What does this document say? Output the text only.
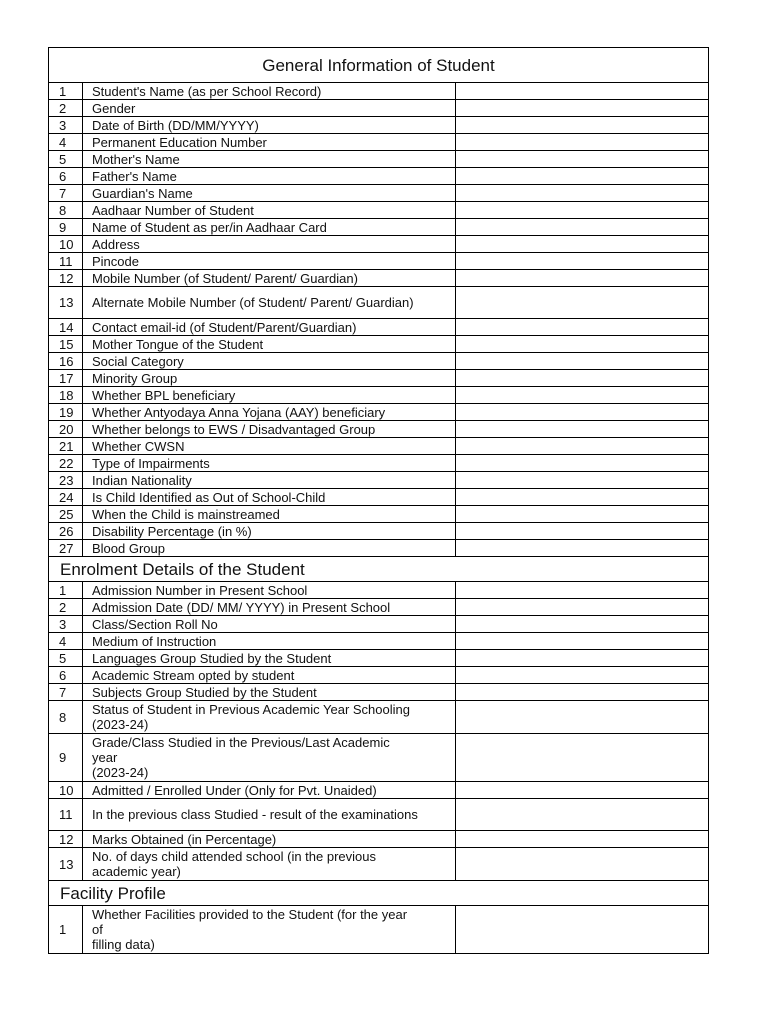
General Information of Student		
1	Student's Name (as per School Record)	

2	Gender	

3	Date of Birth (DD/MM/YYYY)	

4	Permanent Education Number	

5	Mother's Name	

6	Father's Name	

7	Guardian's Name	

8	Aadhaar Number of Student	

9	Name of Student as per/in Aadhaar Card	

10	Address	

11	Pincode	

12	Mobile Number (of Student/ Parent/ Guardian)	

13	Alternate Mobile Number (of Student/ Parent/ Guardian)	

14	Contact email-id (of Student/Parent/Guardian)	

15	Mother Tongue of the Student	

16	Social Category	

17	Minority Group	

18	Whether BPL beneficiary	

19	Whether Antyodaya Anna Yojana (AAY) beneficiary	

20	Whether belongs to EWS / Disadvantaged Group	

21	Whether CWSN	

22	Type of Impairments	

23	Indian Nationality	

24	Is Child Identified as Out of School-Child	

25	When the Child is mainstreamed	

26	Disability Percentage (in %)	

27	Blood Group	

Enrolment Details of the Student		
1	Admission Number in Present School	

2	Admission Date (DD/ MM/ YYYY) in Present School	

3	Class/Section Roll No	

4	Medium of Instruction	

5	Languages Group Studied by the Student	

6	Academic Stream opted by student	

7	Subjects Group Studied by the Student	

8	Status of Student in Previous Academic Year Schooling
(2023-24)	

9	Grade/Class Studied in the Previous/Last Academic
year
(2023-24)	

10	Admitted / Enrolled Under (Only for Pvt. Unaided)	

11	In the previous class Studied - result of the examinations	

12	Marks Obtained (in Percentage)	

13	No. of days child attended school (in the previous
academic year)	

Facility Profile		
1	Whether Facilities provided to the Student (for the year
of
filling data)	
